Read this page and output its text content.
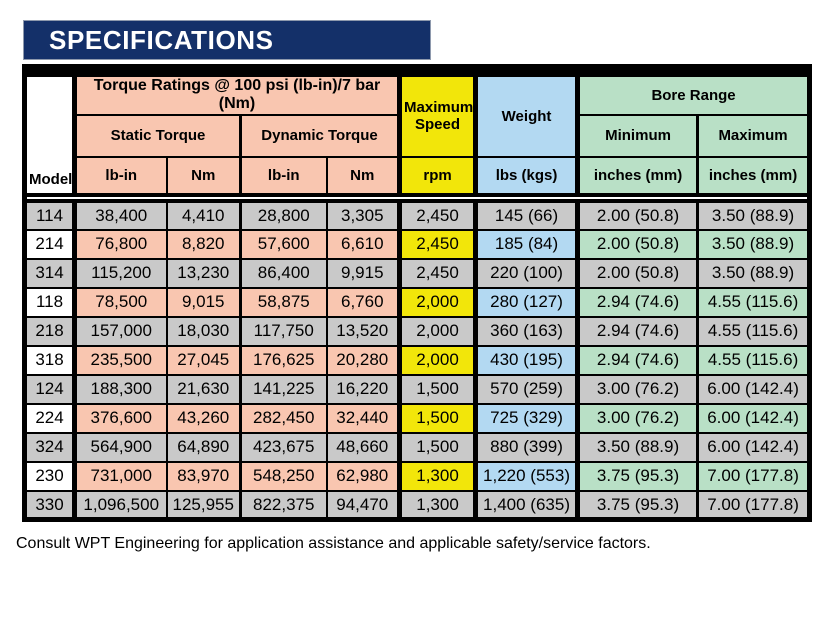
SPECIFICATIONS
Model	Torque Ratings @ 100 psi (lb-in)/7 bar (Nm)				Maximum Speed	Weight	Bore Range	
	Static Torque		Dynamic Torque				Minimum	Maximum
	lb-in	Nm	lb-in	Nm	rpm	lbs (kgs)	inches (mm)	inches (mm)

114	38,400	4,410	28,800	3,305	2,450	145 (66)	2.00 (50.8)	3.50 (88.9)
214	76,800	8,820	57,600	6,610	2,450	185 (84)	2.00 (50.8)	3.50 (88.9)
314	115,200	13,230	86,400	9,915	2,450	220 (100)	2.00 (50.8)	3.50 (88.9)
118	78,500	9,015	58,875	6,760	2,000	280 (127)	2.94 (74.6)	4.55 (115.6)
218	157,000	18,030	117,750	13,520	2,000	360 (163)	2.94 (74.6)	4.55 (115.6)
318	235,500	27,045	176,625	20,280	2,000	430 (195)	2.94 (74.6)	4.55 (115.6)
124	188,300	21,630	141,225	16,220	1,500	570 (259)	3.00 (76.2)	6.00 (142.4)
224	376,600	43,260	282,450	32,440	1,500	725 (329)	3.00 (76.2)	6.00 (142.4)
324	564,900	64,890	423,675	48,660	1,500	880 (399)	3.50 (88.9)	6.00 (142.4)
230	731,000	83,970	548,250	62,980	1,300	1,220 (553)	3.75 (95.3)	7.00 (177.8)
330	1,096,500	125,955	822,375	94,470	1,300	1,400 (635)	3.75 (95.3)	7.00 (177.8)

Consult WPT Engineering for application assistance and applicable safety/service factors.
